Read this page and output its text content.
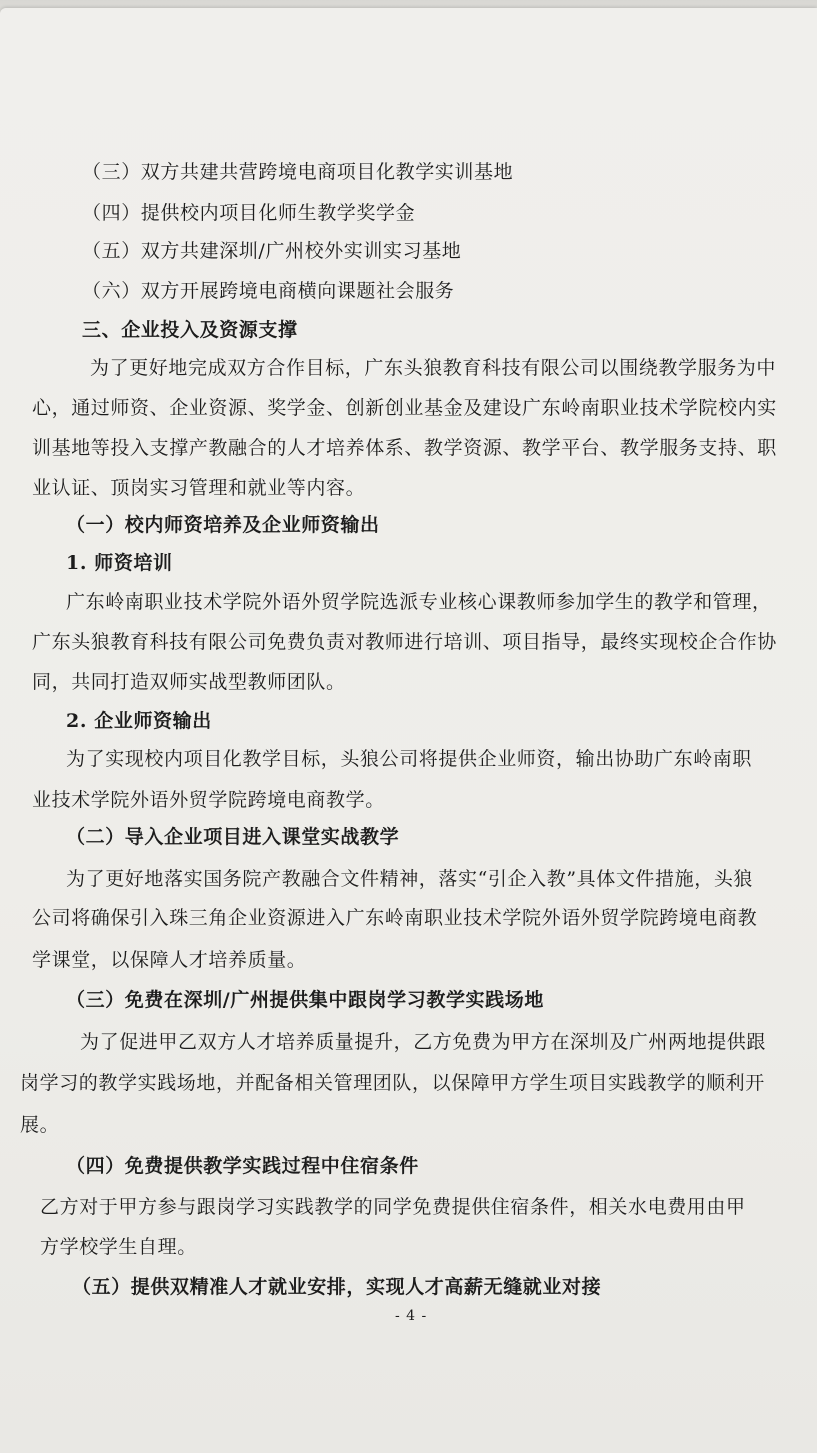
（三）双方共建共营跨境电商项目化教学实训基地
（四）提供校内项目化师生教学奖学金
（五）双方共建深圳/广州校外实训实习基地
（六）双方开展跨境电商横向课题社会服务
三、企业投入及资源支撑
为了更好地完成双方合作目标，广东头狼教育科技有限公司以围绕教学服务为中
心，通过师资、企业资源、奖学金、创新创业基金及建设广东岭南职业技术学院校内实
训基地等投入支撑产教融合的人才培养体系、教学资源、教学平台、教学服务支持、职
业认证、顶岗实习管理和就业等内容。
（一）校内师资培养及企业师资输出
1. 师资培训
广东岭南职业技术学院外语外贸学院选派专业核心课教师参加学生的教学和管理，
广东头狼教育科技有限公司免费负责对教师进行培训、项目指导，最终实现校企合作协
同，共同打造双师实战型教师团队。
2. 企业师资输出
为了实现校内项目化教学目标，头狼公司将提供企业师资，输出协助广东岭南职
业技术学院外语外贸学院跨境电商教学。
（二）导入企业项目进入课堂实战教学
为了更好地落实国务院产教融合文件精神，落实“引企入教”具体文件措施，头狼
公司将确保引入珠三角企业资源进入广东岭南职业技术学院外语外贸学院跨境电商教
学课堂，以保障人才培养质量。
（三）免费在深圳/广州提供集中跟岗学习教学实践场地
为了促进甲乙双方人才培养质量提升，乙方免费为甲方在深圳及广州两地提供跟
岗学习的教学实践场地，并配备相关管理团队，以保障甲方学生项目实践教学的顺利开
展。
（四）免费提供教学实践过程中住宿条件
乙方对于甲方参与跟岗学习实践教学的同学免费提供住宿条件，相关水电费用由甲
方学校学生自理。
（五）提供双精准人才就业安排，实现人才高薪无缝就业对接
- 4 -
